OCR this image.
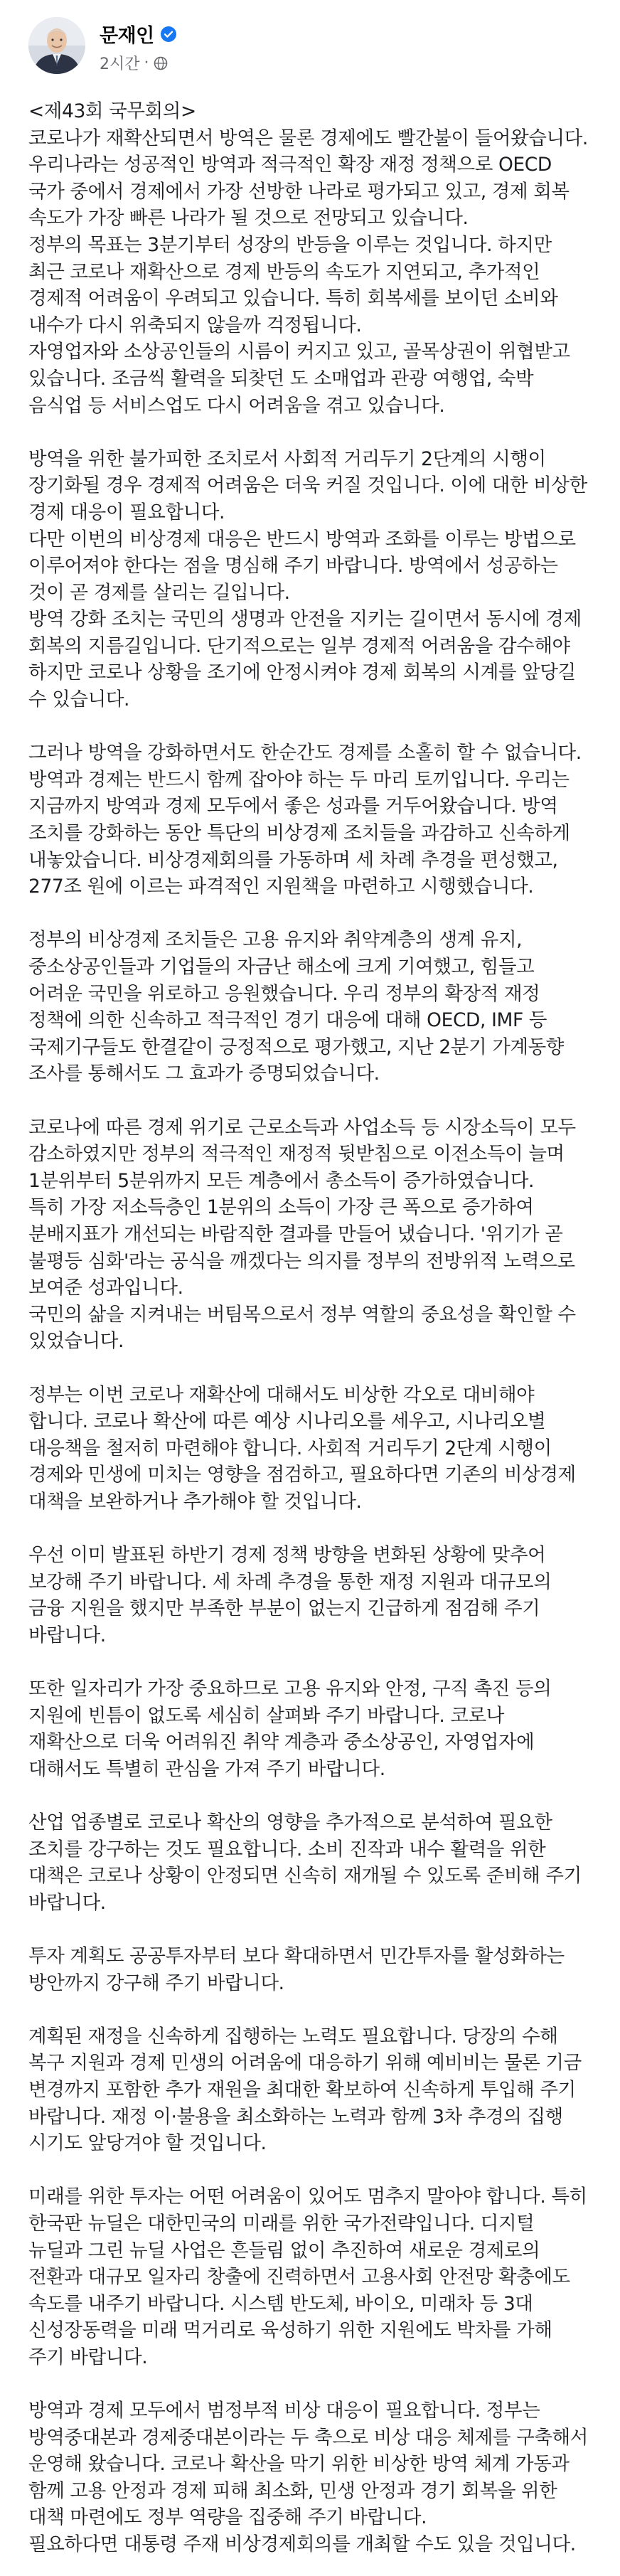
문재인
2시간 ·

<제43회 국무회의>
코로나가 재확산되면서 방역은 물론 경제에도 빨간불이 들어왔습니다. 우리나라는 성공적인 방역과 적극적인 확장 재정 정책으로 OECD 국가 중에서 경제에서 가장 선방한 나라로 평가되고 있고, 경제 회복 속도가 가장 빠른 나라가 될 것으로 전망되고 있습니다.
정부의 목표는 3분기부터 성장의 반등을 이루는 것입니다. 하지만 최근 코로나 재확산으로 경제 반등의 속도가 지연되고, 추가적인 경제적 어려움이 우려되고 있습니다. 특히 회복세를 보이던 소비와 내수가 다시 위축되지 않을까 걱정됩니다.
자영업자와 소상공인들의 시름이 커지고 있고, 골목상권이 위협받고 있습니다. 조금씩 활력을 되찾던 도 소매업과 관광 여행업, 숙박 음식업 등 서비스업도 다시 어려움을 겪고 있습니다.

방역을 위한 불가피한 조치로서 사회적 거리두기 2단계의 시행이 장기화될 경우 경제적 어려움은 더욱 커질 것입니다. 이에 대한 비상한 경제 대응이 필요합니다.
다만 이번의 비상경제 대응은 반드시 방역과 조화를 이루는 방법으로 이루어져야 한다는 점을 명심해 주기 바랍니다. 방역에서 성공하는 것이 곧 경제를 살리는 길입니다.
방역 강화 조치는 국민의 생명과 안전을 지키는 길이면서 동시에 경제 회복의 지름길입니다. 단기적으로는 일부 경제적 어려움을 감수해야 하지만 코로나 상황을 조기에 안정시켜야 경제 회복의 시계를 앞당길 수 있습니다.

그러나 방역을 강화하면서도 한순간도 경제를 소홀히 할 수 없습니다. 방역과 경제는 반드시 함께 잡아야 하는 두 마리 토끼입니다. 우리는 지금까지 방역과 경제 모두에서 좋은 성과를 거두어왔습니다. 방역 조치를 강화하는 동안 특단의 비상경제 조치들을 과감하고 신속하게 내놓았습니다. 비상경제회의를 가동하며 세 차례 추경을 편성했고, 277조 원에 이르는 파격적인 지원책을 마련하고 시행했습니다.

정부의 비상경제 조치들은 고용 유지와 취약계층의 생계 유지, 중소상공인들과 기업들의 자금난 해소에 크게 기여했고, 힘들고 어려운 국민을 위로하고 응원했습니다. 우리 정부의 확장적 재정 정책에 의한 신속하고 적극적인 경기 대응에 대해 OECD, IMF 등 국제기구들도 한결같이 긍정적으로 평가했고, 지난 2분기 가계동향 조사를 통해서도 그 효과가 증명되었습니다.

코로나에 따른 경제 위기로 근로소득과 사업소득 등 시장소득이 모두 감소하였지만 정부의 적극적인 재정적 뒷받침으로 이전소득이 늘며 1분위부터 5분위까지 모든 계층에서 총소득이 증가하였습니다.
특히 가장 저소득층인 1분위의 소득이 가장 큰 폭으로 증가하여 분배지표가 개선되는 바람직한 결과를 만들어 냈습니다. '위기가 곧 불평등 심화'라는 공식을 깨겠다는 의지를 정부의 전방위적 노력으로 보여준 성과입니다.
국민의 삶을 지켜내는 버팀목으로서 정부 역할의 중요성을 확인할 수 있었습니다.

정부는 이번 코로나 재확산에 대해서도 비상한 각오로 대비해야 합니다. 코로나 확산에 따른 예상 시나리오를 세우고, 시나리오별 대응책을 철저히 마련해야 합니다. 사회적 거리두기 2단계 시행이 경제와 민생에 미치는 영향을 점검하고, 필요하다면 기존의 비상경제 대책을 보완하거나 추가해야 할 것입니다.

우선 이미 발표된 하반기 경제 정책 방향을 변화된 상황에 맞추어 보강해 주기 바랍니다. 세 차례 추경을 통한 재정 지원과 대규모의 금융 지원을 했지만 부족한 부분이 없는지 긴급하게 점검해 주기 바랍니다.

또한 일자리가 가장 중요하므로 고용 유지와 안정, 구직 촉진 등의 지원에 빈틈이 없도록 세심히 살펴봐 주기 바랍니다. 코로나 재확산으로 더욱 어려워진 취약 계층과 중소상공인, 자영업자에 대해서도 특별히 관심을 가져 주기 바랍니다.

산업 업종별로 코로나 확산의 영향을 추가적으로 분석하여 필요한 조치를 강구하는 것도 필요합니다. 소비 진작과 내수 활력을 위한 대책은 코로나 상황이 안정되면 신속히 재개될 수 있도록 준비해 주기 바랍니다.

투자 계획도 공공투자부터 보다 확대하면서 민간투자를 활성화하는 방안까지 강구해 주기 바랍니다.

계획된 재정을 신속하게 집행하는 노력도 필요합니다. 당장의 수해 복구 지원과 경제 민생의 어려움에 대응하기 위해 예비비는 물론 기금 변경까지 포함한 추가 재원을 최대한 확보하여 신속하게 투입해 주기 바랍니다. 재정 이·불용을 최소화하는 노력과 함께 3차 추경의 집행 시기도 앞당겨야 할 것입니다.

미래를 위한 투자는 어떤 어려움이 있어도 멈추지 말아야 합니다. 특히 한국판 뉴딜은 대한민국의 미래를 위한 국가전략입니다. 디지털 뉴딜과 그린 뉴딜 사업은 흔들림 없이 추진하여 새로운 경제로의 전환과 대규모 일자리 창출에 진력하면서 고용사회 안전망 확충에도 속도를 내주기 바랍니다. 시스템 반도체, 바이오, 미래차 등 3대 신성장동력을 미래 먹거리로 육성하기 위한 지원에도 박차를 가해 주기 바랍니다.

방역과 경제 모두에서 범정부적 비상 대응이 필요합니다. 정부는 방역중대본과 경제중대본이라는 두 축으로 비상 대응 체제를 구축해서 운영해 왔습니다. 코로나 확산을 막기 위한 비상한 방역 체계 가동과 함께 고용 안정과 경제 피해 최소화, 민생 안정과 경기 회복을 위한 대책 마련에도 정부 역량을 집중해 주기 바랍니다.
필요하다면 대통령 주재 비상경제회의를 개최할 수도 있을 것입니다.
